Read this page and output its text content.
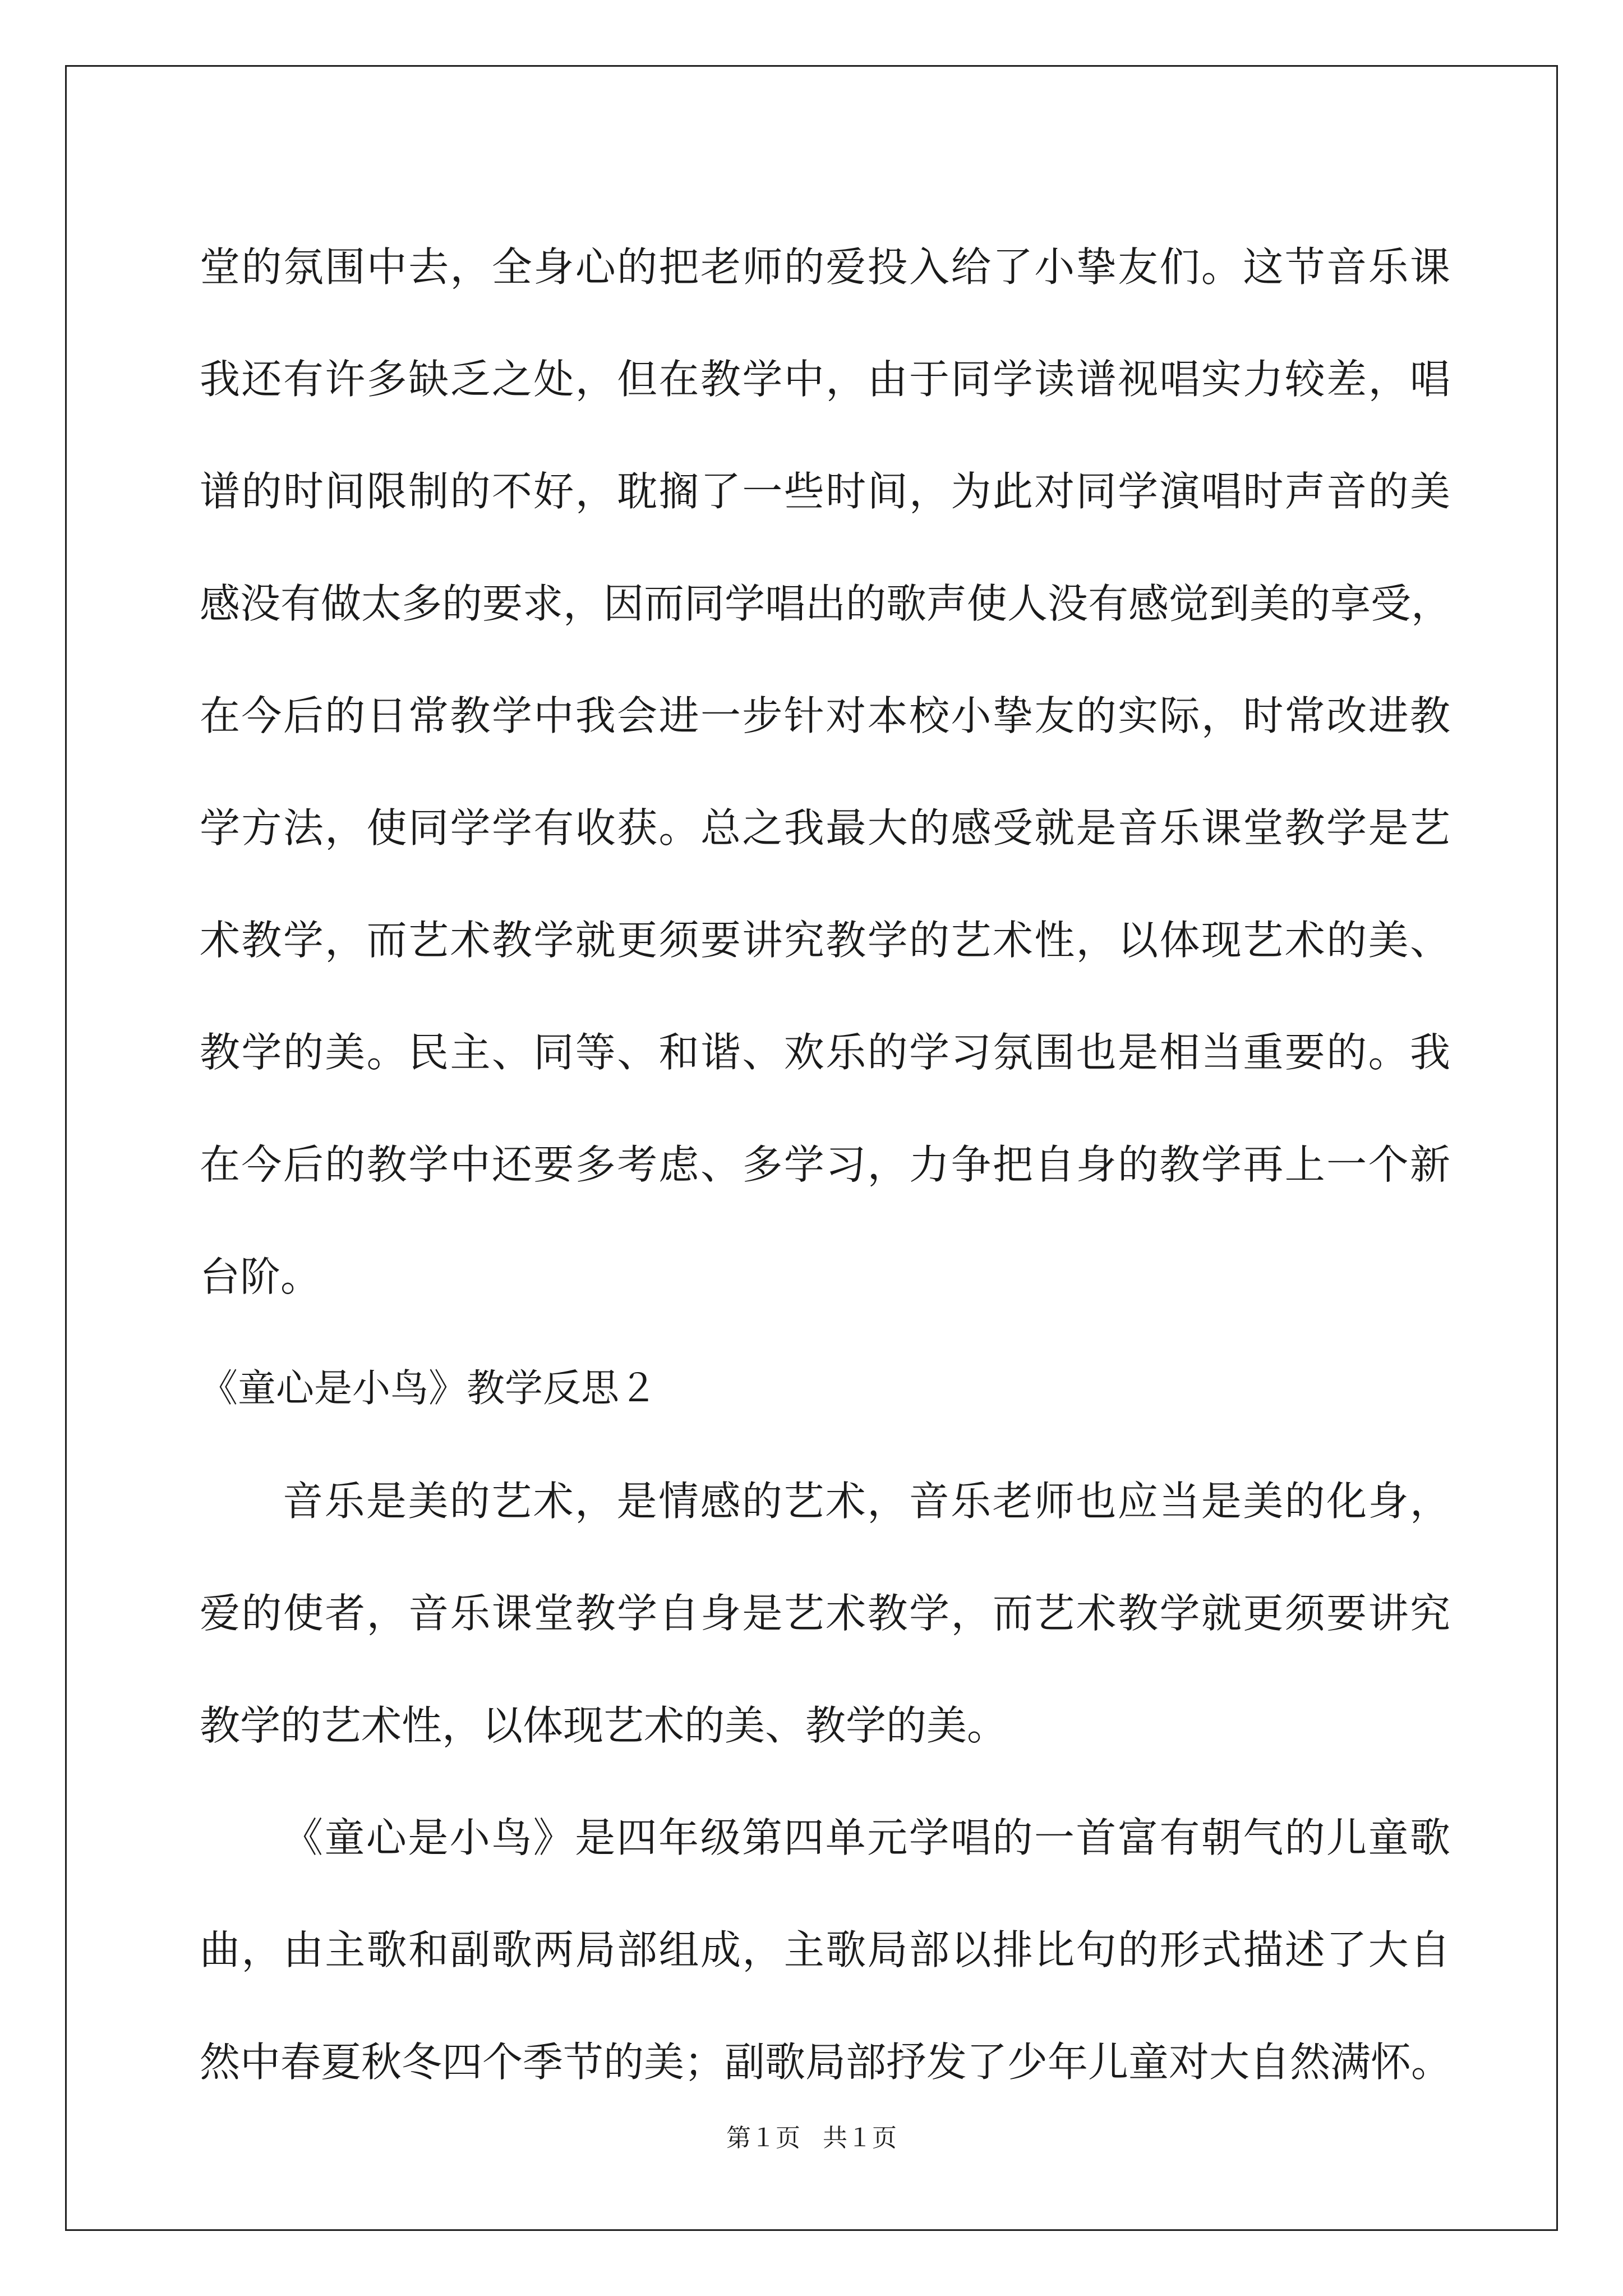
堂的氛围中去，全身心的把老师的爱投入给了小挚友们。这节音乐课
我还有许多缺乏之处，但在教学中，由于同学读谱视唱实力较差，唱
谱的时间限制的不好，耽搁了一些时间，为此对同学演唱时声音的美
感没有做太多的要求，因而同学唱出的歌声使人没有感觉到美的享受，
在今后的日常教学中我会进一步针对本校小挚友的实际，时常改进教
学方法，使同学学有收获。总之我最大的感受就是音乐课堂教学是艺
术教学，而艺术教学就更须要讲究教学的艺术性，以体现艺术的美、
教学的美。民主、同等、和谐、欢乐的学习氛围也是相当重要的。我
在今后的教学中还要多考虑、多学习，力争把自身的教学再上一个新
台阶。
《童心是小鸟》教学反思２
音乐是美的艺术，是情感的艺术，音乐老师也应当是美的化身，
爱的使者，音乐课堂教学自身是艺术教学，而艺术教学就更须要讲究
教学的艺术性，以体现艺术的美、教学的美。
《童心是小鸟》是四年级第四单元学唱的一首富有朝气的儿童歌
曲，由主歌和副歌两局部组成，主歌局部以排比句的形式描述了大自
然中春夏秋冬四个季节的美；副歌局部抒发了少年儿童对大自然满怀。
第１页 共１页
